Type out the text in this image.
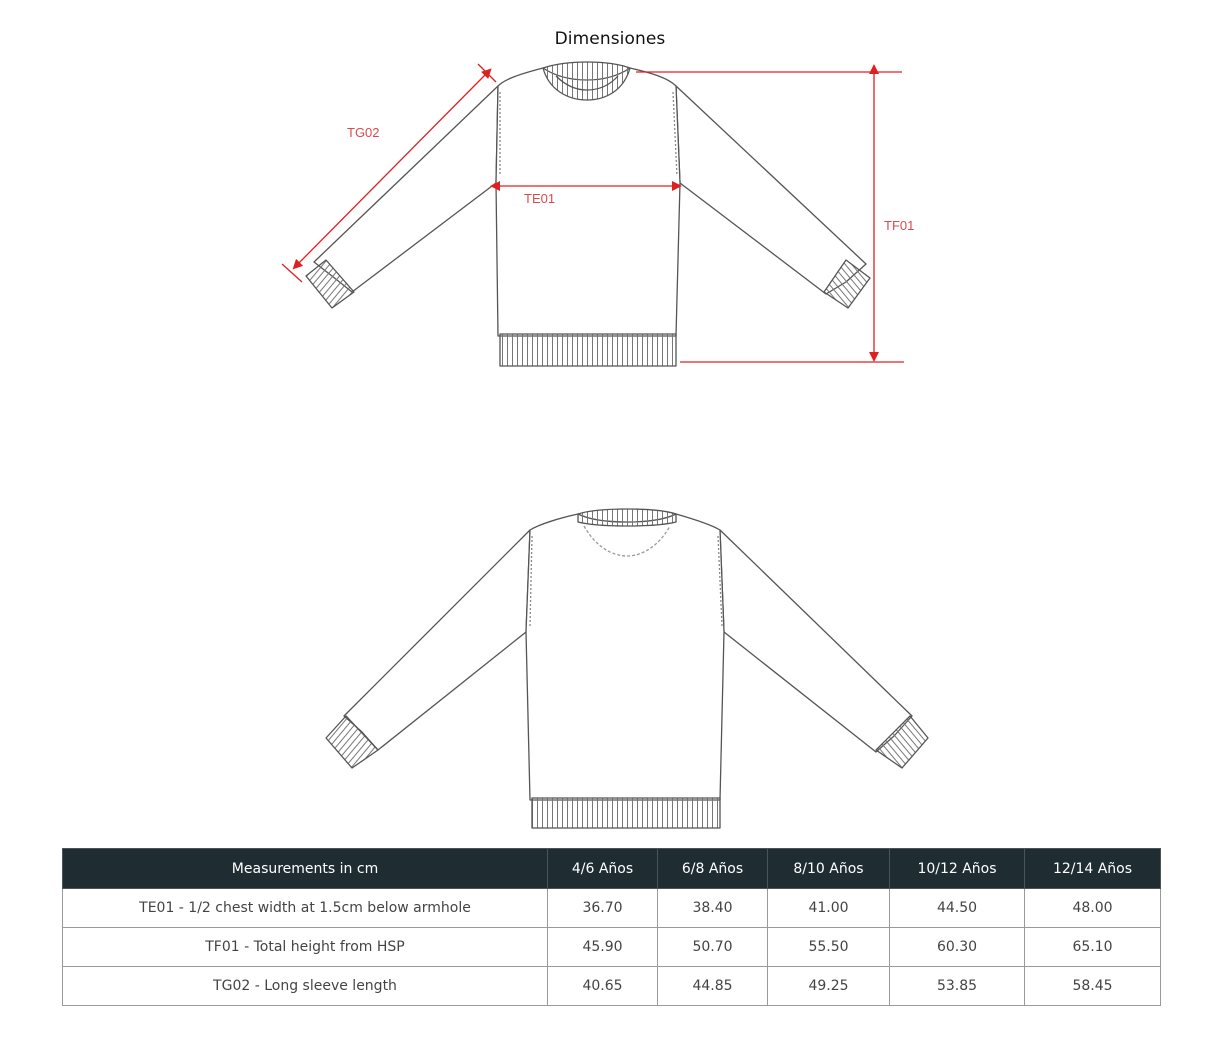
Dimensiones
TG02
TE01
TF01
Measurements in cm	4/6 Años	6/8 Años	8/10 Años	10/12 Años	12/14 Años
TE01 - 1/2 chest width at 1.5cm below armhole	36.70	38.40	41.00	44.50	48.00
TF01 - Total height from HSP	45.90	50.70	55.50	60.30	65.10
TG02 - Long sleeve length	40.65	44.85	49.25	53.85	58.45
